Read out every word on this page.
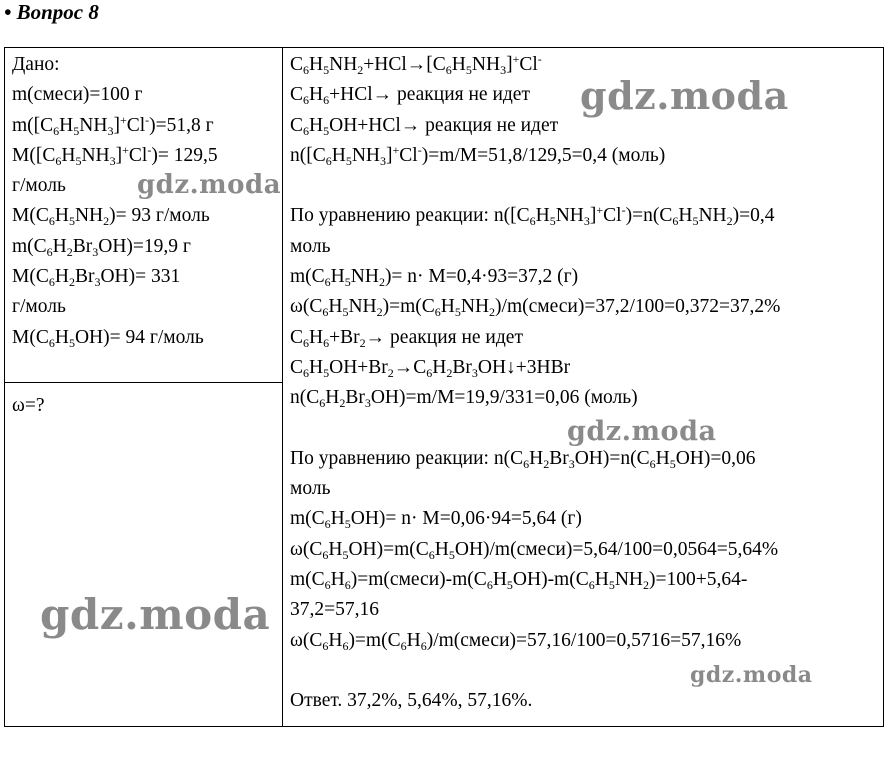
• Вопрос 8
Дано:
m(смеси)=100 г
$m([C_6H_5NH_3]^+Cl^-)=51,8$ г
$M([C_6H_5NH_3]^+Cl^-)= 129,5$
г/моль
$M(C_6H_5NH_2)= 93$ г/моль
$m(C_6H_2Br_3OH)=19,9$ г
$M(C_6H_2Br_3OH)= 331$
г/моль
$M(C_6H_5OH)= 94$ г/моль
ω=?
$C_6H_5NH_2+HCl\to[C_6H_5NH_3]^+Cl^-$
$C_6H_6+HCl\to$ реакция не идет
$C_6H_5OH+HCl\to$ реакция не идет
$n([C_6H_5NH_3]^+Cl^-)=m/M=51,8/129,5=0,4$ (моль)
По уравнению реакции: $n([C_6H_5NH_3]^+Cl^-)=n(C_6H_5NH_2)=0,4$
моль
$m(C_6H_5NH_2)= n\cdot M=0,4\cdot 93=37,2$ (г)
$\omega(C_6H_5NH_2)=m(C_6H_5NH_2)/m(смеси)=37,2/100=0,372=37,2\%$
$C_6H_6+Br_2\to$ реакция не идет
$C_6H_5OH+Br_2\to C_6H_2Br_3OH↓+3HBr$
$n(C_6H_2Br_3OH)=m/M=19,9/331=0,06$ (моль)
По уравнению реакции: $n(C_6H_2Br_3OH)=n(C_6H_5OH)=0,06$
моль
$m(C_6H_5OH)= n\cdot M=0,06\cdot 94=5,64$ (г)
$\omega(C_6H_5OH)=m(C_6H_5OH)/m(смеси)=5,64/100=0,0564=5,64\%$
$m(C_6H_6)=m(смеси)-m(C_6H_5OH)-m(C_6H_5NH_2)=100+5,64-$
37,2=57,16
$\omega(C_6H_6)=m(C_6H_6)/m(смеси)=57,16/100=0,5716=57,16\%$
Ответ. 37,2%, 5,64%, 57,16%.
gdz.moda
gdz.moda
gdz.moda
gdz.moda
gdz.moda
